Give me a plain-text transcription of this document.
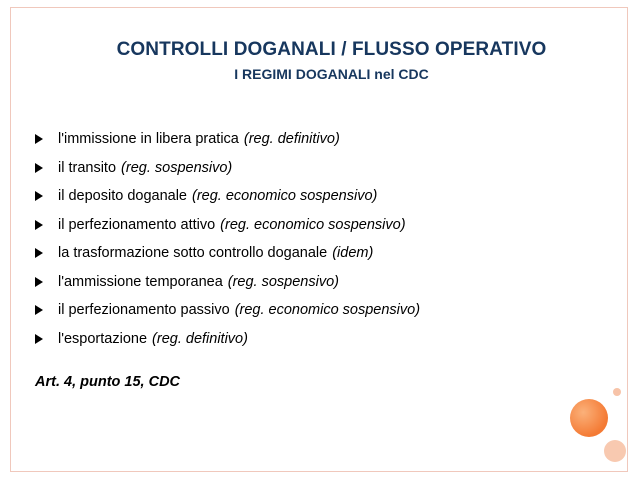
CONTROLLI DOGANALI / FLUSSO OPERATIVO
I REGIMI DOGANALI nel CDC
l'immissione in libera pratica (reg. definitivo)
il transito (reg. sospensivo)
il deposito doganale (reg. economico sospensivo)
il perfezionamento attivo (reg. economico sospensivo)
la trasformazione sotto controllo doganale (idem)
l'ammissione temporanea (reg. sospensivo)
il perfezionamento passivo (reg. economico sospensivo)
l'esportazione (reg. definitivo)
Art. 4, punto 15, CDC
